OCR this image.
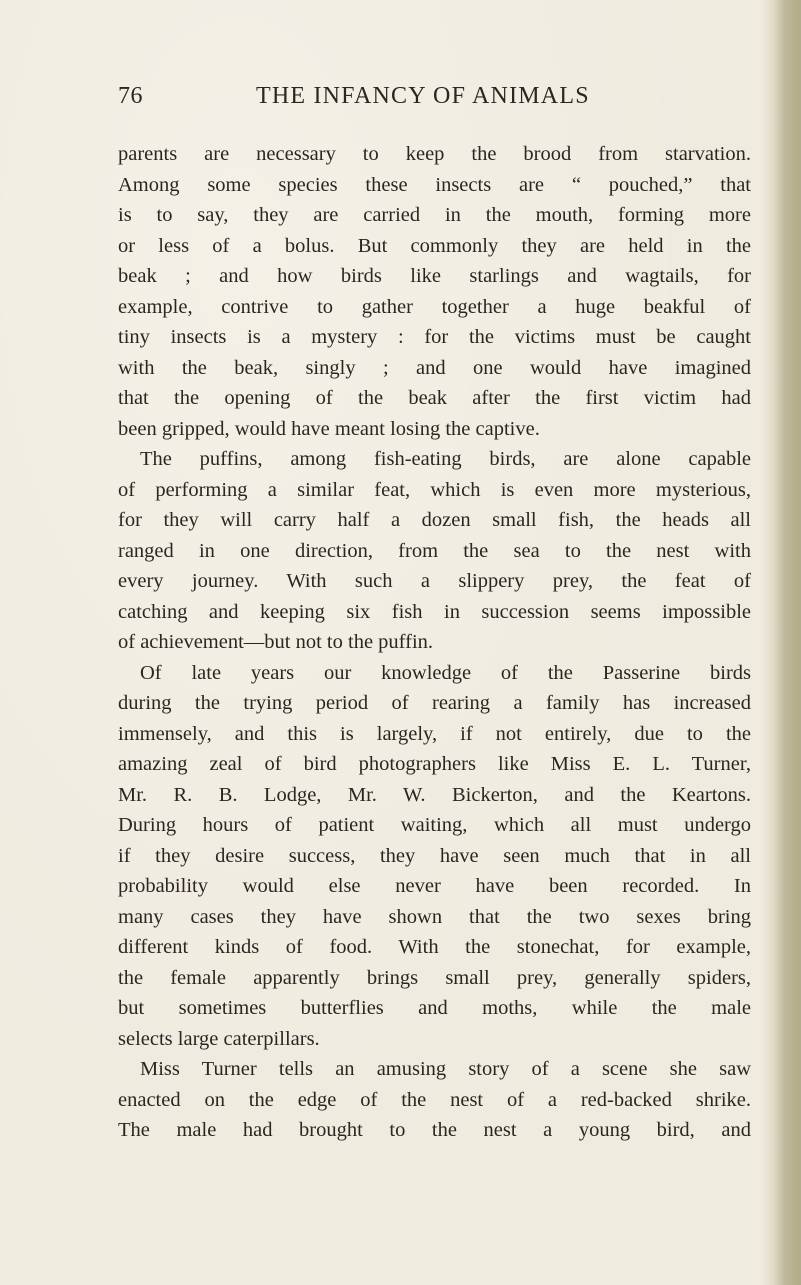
76	THE INFANCY OF ANIMALS
parents are necessary to keep the brood from starvation.
Among some species these insects are “ pouched,” that
is to say, they are carried in the mouth, forming more
or less of a bolus. But commonly they are held in the
beak ; and how birds like starlings and wagtails, for
example, contrive to gather together a huge beakful of
tiny insects is a mystery : for the victims must be caught
with the beak, singly ; and one would have imagined
that the opening of the beak after the first victim had
been gripped, would have meant losing the captive.
The puffins, among fish-eating birds, are alone capable
of performing a similar feat, which is even more mysterious,
for they will carry half a dozen small fish, the heads all
ranged in one direction, from the sea to the nest with
every journey. With such a slippery prey, the feat of
catching and keeping six fish in succession seems impossible
of achievement—but not to the puffin.
Of late years our knowledge of the Passerine birds
during the trying period of rearing a family has increased
immensely, and this is largely, if not entirely, due to the
amazing zeal of bird photographers like Miss E. L. Turner,
Mr. R. B. Lodge, Mr. W. Bickerton, and the Keartons.
During hours of patient waiting, which all must undergo
if they desire success, they have seen much that in all
probability would else never have been recorded. In
many cases they have shown that the two sexes bring
different kinds of food. With the stonechat, for example,
the female apparently brings small prey, generally spiders,
but sometimes butterflies and moths, while the male
selects large caterpillars.
Miss Turner tells an amusing story of a scene she saw
enacted on the edge of the nest of a red-backed shrike.
The male had brought to the nest a young bird, and
